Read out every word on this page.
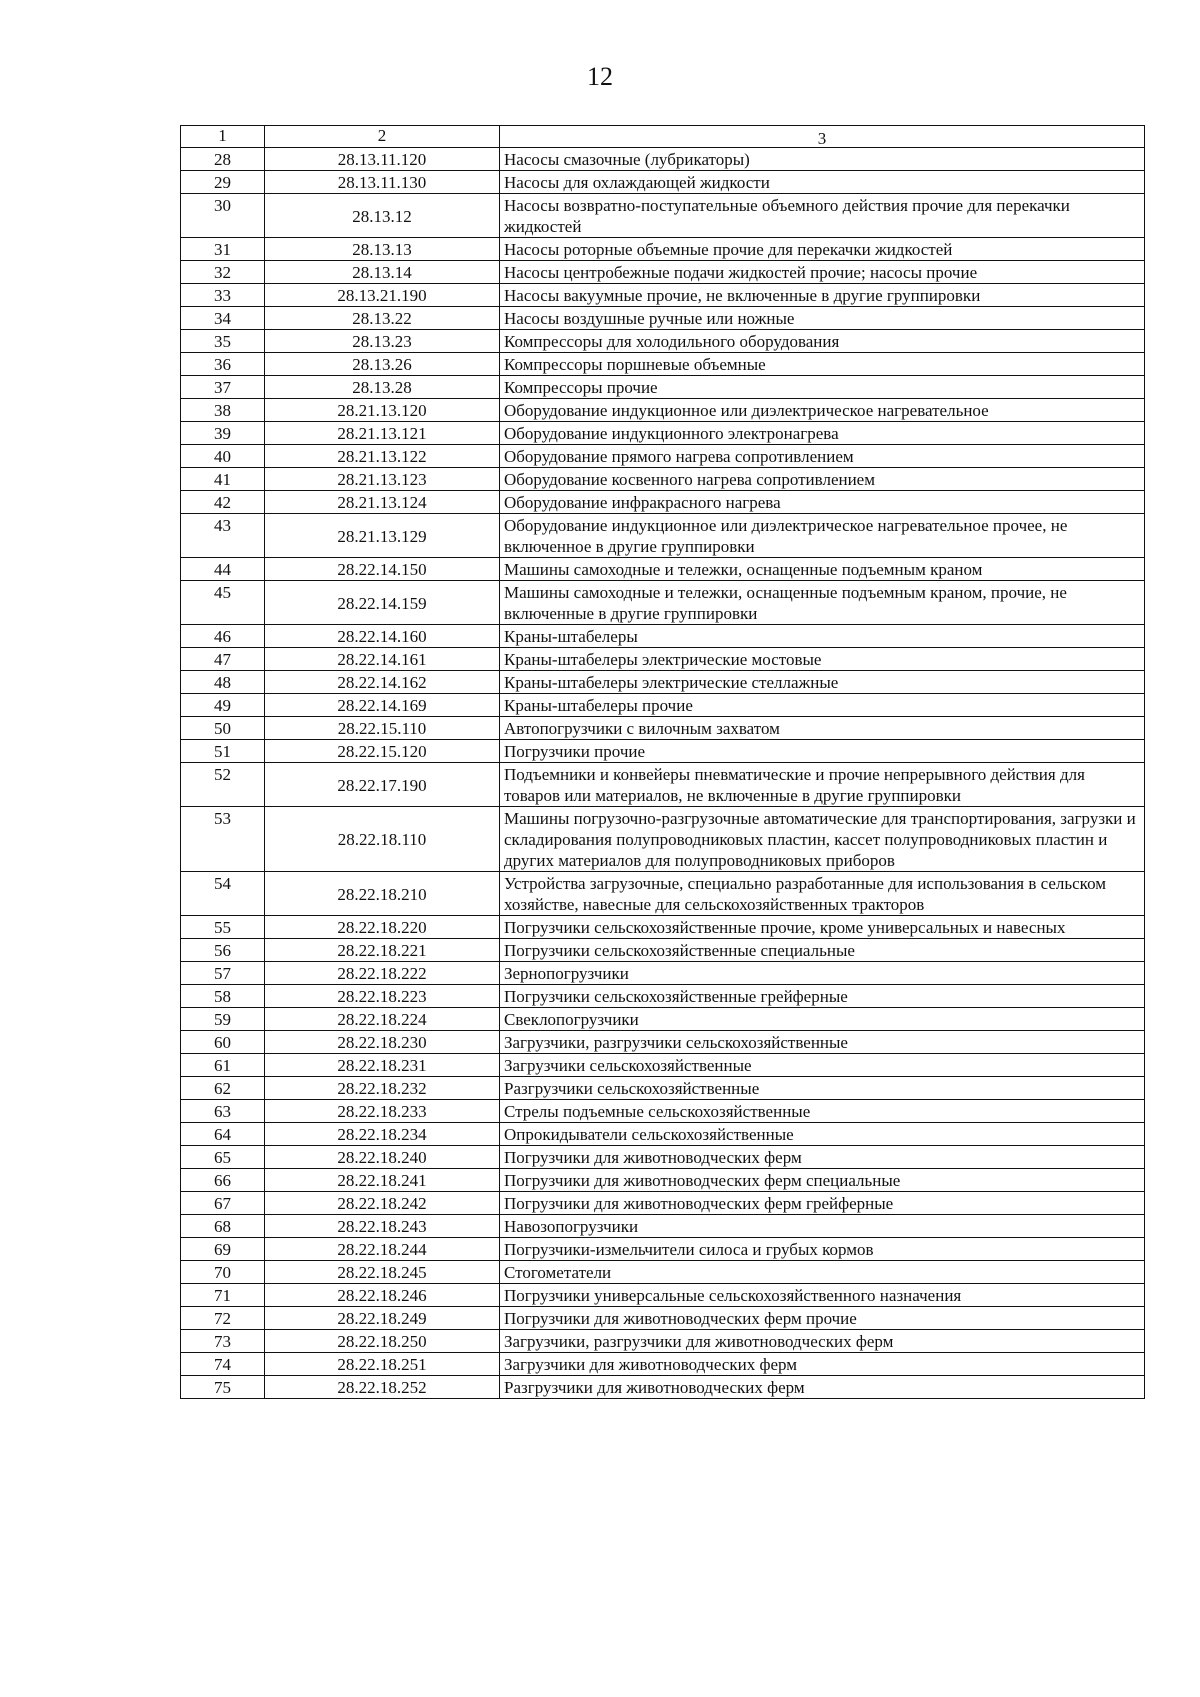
12
1	2	3
28	28.13.11.120	Насосы смазочные (лубрикаторы)
29	28.13.11.130	Насосы для охлаждающей жидкости
30	28.13.12	Насосы возвратно-поступательные объемного действия прочие для перекачки жидкостей
31	28.13.13	Насосы роторные объемные прочие для перекачки жидкостей
32	28.13.14	Насосы центробежные подачи жидкостей прочие; насосы прочие
33	28.13.21.190	Насосы вакуумные прочие, не включенные в другие группировки
34	28.13.22	Насосы воздушные ручные или ножные
35	28.13.23	Компрессоры для холодильного оборудования
36	28.13.26	Компрессоры поршневые объемные
37	28.13.28	Компрессоры прочие
38	28.21.13.120	Оборудование индукционное или диэлектрическое нагревательное
39	28.21.13.121	Оборудование индукционного электронагрева
40	28.21.13.122	Оборудование прямого нагрева сопротивлением
41	28.21.13.123	Оборудование косвенного нагрева сопротивлением
42	28.21.13.124	Оборудование инфракрасного нагрева
43	28.21.13.129	Оборудование индукционное или диэлектрическое нагревательное прочее, не включенное в другие группировки
44	28.22.14.150	Машины самоходные и тележки, оснащенные подъемным краном
45	28.22.14.159	Машины самоходные и тележки, оснащенные подъемным краном, прочие, не включенные в другие группировки
46	28.22.14.160	Краны-штабелеры
47	28.22.14.161	Краны-штабелеры электрические мостовые
48	28.22.14.162	Краны-штабелеры электрические стеллажные
49	28.22.14.169	Краны-штабелеры прочие
50	28.22.15.110	Автопогрузчики с вилочным захватом
51	28.22.15.120	Погрузчики прочие
52	28.22.17.190	Подъемники и конвейеры пневматические и прочие непрерывного действия для товаров или материалов, не включенные в другие группировки
53	28.22.18.110	Машины погрузочно-разгрузочные автоматические для транспортирования, загрузки и складирования полупроводниковых пластин, кассет полупроводниковых пластин и других материалов для полупроводниковых приборов
54	28.22.18.210	Устройства загрузочные, специально разработанные для использования в сельском хозяйстве, навесные для сельскохозяйственных тракторов
55	28.22.18.220	Погрузчики сельскохозяйственные прочие, кроме универсальных и навесных
56	28.22.18.221	Погрузчики сельскохозяйственные специальные
57	28.22.18.222	Зернопогрузчики
58	28.22.18.223	Погрузчики сельскохозяйственные грейферные
59	28.22.18.224	Свеклопогрузчики
60	28.22.18.230	Загрузчики, разгрузчики сельскохозяйственные
61	28.22.18.231	Загрузчики сельскохозяйственные
62	28.22.18.232	Разгрузчики сельскохозяйственные
63	28.22.18.233	Стрелы подъемные сельскохозяйственные
64	28.22.18.234	Опрокидыватели сельскохозяйственные
65	28.22.18.240	Погрузчики для животноводческих ферм
66	28.22.18.241	Погрузчики для животноводческих ферм специальные
67	28.22.18.242	Погрузчики для животноводческих ферм грейферные
68	28.22.18.243	Навозопогрузчики
69	28.22.18.244	Погрузчики-измельчители силоса и грубых кормов
70	28.22.18.245	Стогометатели
71	28.22.18.246	Погрузчики универсальные сельскохозяйственного назначения
72	28.22.18.249	Погрузчики для животноводческих ферм прочие
73	28.22.18.250	Загрузчики, разгрузчики для животноводческих ферм
74	28.22.18.251	Загрузчики для животноводческих ферм
75	28.22.18.252	Разгрузчики для животноводческих ферм
